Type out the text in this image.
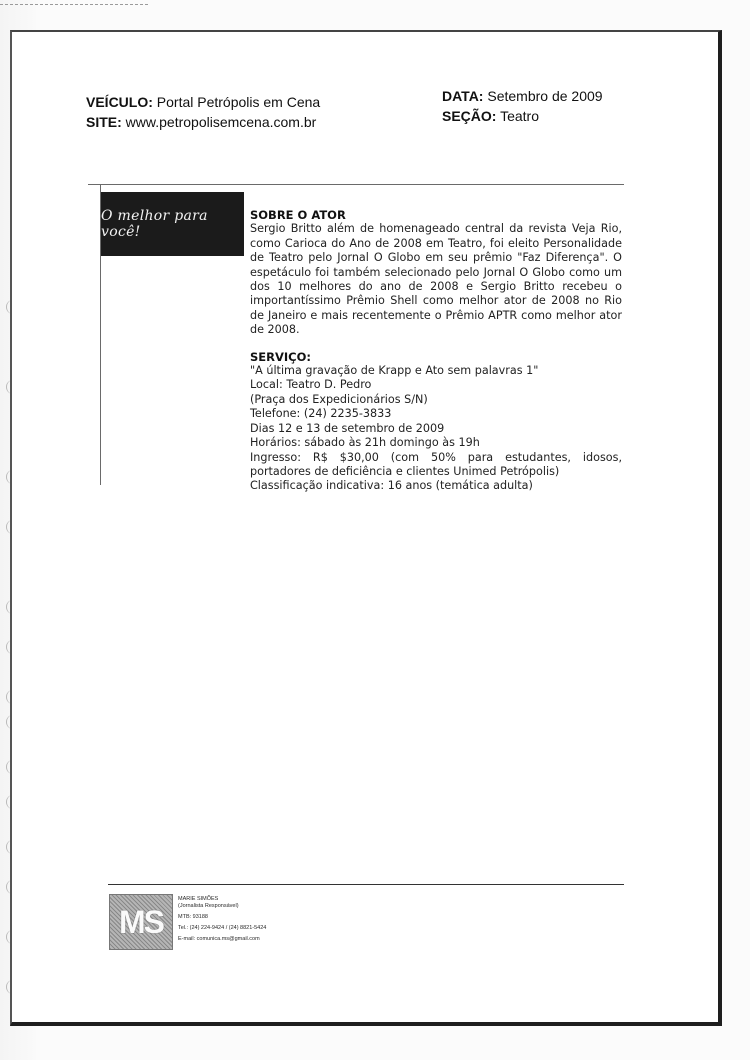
VEÍCULO: Portal Petrópolis em Cena
SITE: www.petropolisemcena.com.br
DATA: Setembro de 2009
SEÇÃO: Teatro
O melhor para você!
SOBRE O ATOR

Sergio Britto além de homenageado central da revista Veja Rio, como Carioca do Ano de 2008 em Teatro, foi eleito Personalidade de Teatro pelo Jornal O Globo em seu prêmio "Faz Diferença". O espetáculo foi também selecionado pelo Jornal O Globo como um dos 10 melhores do ano de 2008 e Sergio Britto recebeu o importantíssimo Prêmio Shell como melhor ator de 2008 no Rio de Janeiro e mais recentemente o Prêmio APTR como melhor ator de 2008.

SERVIÇO:
"A última gravação de Krapp e Ato sem palavras 1"
Local: Teatro D. Pedro
(Praça dos Expedicionários S/N)
Telefone: (24) 2235-3833
Dias 12 e 13 de setembro de 2009
Horários: sábado às 21h domingo às 19h

Ingresso: R$ $30,00 (com 50% para estudantes, idosos, portadores de deficiência e clientes Unimed Petrópolis)

Classificação indicativa: 16 anos (temática adulta)
MS
MARIE SIMÕES
(Jornalista Responsável)
MTB: 93188
Tel.: (24) 224-9424 / (24) 8821-5424
E-mail: comunica.ms@gmail.com
